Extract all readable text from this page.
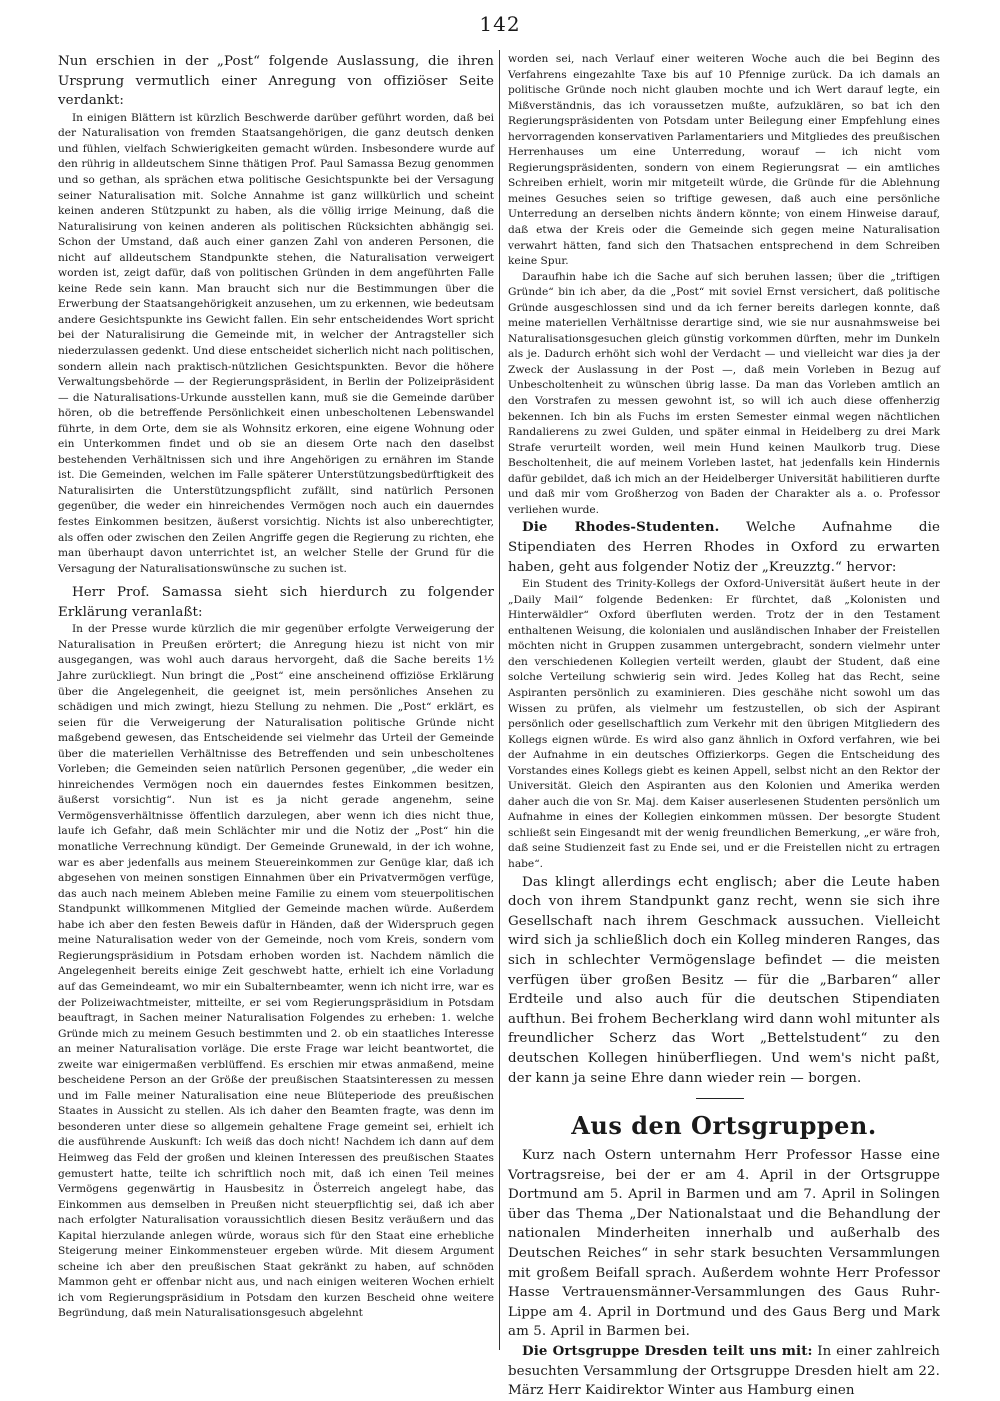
142

Nun erschien in der „Post“ folgende Auslassung, die ihren Ursprung vermutlich einer Anregung von offiziöser Seite verdankt:

In einigen Blättern ist kürzlich Beschwerde darüber geführt worden, daß bei der Naturalisation von fremden Staatsangehörigen, die ganz deutsch denken und fühlen, vielfach Schwierigkeiten gemacht würden. Insbesondere wurde auf den rührig in alldeutschem Sinne thätigen Prof. Paul Samassa Bezug genommen und so gethan, als sprächen etwa politische Gesichtspunkte bei der Versagung seiner Naturalisation mit. Solche Annahme ist ganz willkürlich und scheint keinen anderen Stützpunkt zu haben, als die völlig irrige Meinung, daß die Naturalisirung von keinen anderen als politischen Rücksichten abhängig sei. Schon der Umstand, daß auch einer ganzen Zahl von anderen Personen, die nicht auf alldeutschem Standpunkte stehen, die Naturalisation verweigert worden ist, zeigt dafür, daß von politischen Gründen in dem angeführten Falle keine Rede sein kann. Man braucht sich nur die Bestimmungen über die Erwerbung der Staatsangehörigkeit anzusehen, um zu erkennen, wie bedeutsam andere Gesichtspunkte ins Gewicht fallen. Ein sehr entscheidendes Wort spricht bei der Naturalisirung die Gemeinde mit, in welcher der Antragsteller sich niederzulassen gedenkt. Und diese entscheidet sicherlich nicht nach politischen, sondern allein nach praktisch-nützlichen Gesichtspunkten. Bevor die höhere Verwaltungsbehörde — der Regierungspräsident, in Berlin der Polizeipräsident — die Naturalisations-Urkunde ausstellen kann, muß sie die Gemeinde darüber hören, ob die betreffende Persönlichkeit einen unbescholtenen Lebenswandel führte, in dem Orte, dem sie als Wohnsitz erkoren, eine eigene Wohnung oder ein Unterkommen findet und ob sie an diesem Orte nach den daselbst bestehenden Verhältnissen sich und ihre Angehörigen zu ernähren im Stande ist. Die Gemeinden, welchen im Falle späterer Unterstützungsbedürftigkeit des Naturalisirten die Unterstützungspflicht zufällt, sind natürlich Personen gegenüber, die weder ein hinreichendes Vermögen noch auch ein dauerndes festes Einkommen besitzen, äußerst vorsichtig. Nichts ist also unberechtigter, als offen oder zwischen den Zeilen Angriffe gegen die Regierung zu richten, ehe man überhaupt davon unterrichtet ist, an welcher Stelle der Grund für die Versagung der Naturalisationswünsche zu suchen ist.

Herr Prof. Samassa sieht sich hierdurch zu folgender Erklärung veranlaßt:

In der Presse wurde kürzlich die mir gegenüber erfolgte Verweigerung der Naturalisation in Preußen erörtert; die Anregung hiezu ist nicht von mir ausgegangen, was wohl auch daraus hervorgeht, daß die Sache bereits 1½ Jahre zurückliegt. Nun bringt die „Post“ eine anscheinend offiziöse Erklärung über die Angelegenheit, die geeignet ist, mein persönliches Ansehen zu schädigen und mich zwingt, hiezu Stellung zu nehmen. Die „Post“ erklärt, es seien für die Verweigerung der Naturalisation politische Gründe nicht maßgebend gewesen, das Entscheidende sei vielmehr das Urteil der Gemeinde über die materiellen Verhältnisse des Betreffenden und sein unbescholtenes Vorleben; die Gemeinden seien natürlich Personen gegenüber, „die weder ein hinreichendes Vermögen noch ein dauerndes festes Einkommen besitzen, äußerst vorsichtig“. Nun ist es ja nicht gerade angenehm, seine Vermögensverhältnisse öffentlich darzulegen, aber wenn ich dies nicht thue, laufe ich Gefahr, daß mein Schlächter mir und die Notiz der „Post“ hin die monatliche Verrechnung kündigt. Der Gemeinde Grunewald, in der ich wohne, war es aber jedenfalls aus meinem Steuereinkommen zur Genüge klar, daß ich abgesehen von meinen sonstigen Einnahmen über ein Privatvermögen verfüge, das auch nach meinem Ableben meine Familie zu einem vom steuerpolitischen Standpunkt willkommenen Mitglied der Gemeinde machen würde. Außerdem habe ich aber den festen Beweis dafür in Händen, daß der Widerspruch gegen meine Naturalisation weder von der Gemeinde, noch vom Kreis, sondern vom Regierungspräsidium in Potsdam erhoben worden ist. Nachdem nämlich die Angelegenheit bereits einige Zeit geschwebt hatte, erhielt ich eine Vorladung auf das Gemeindeamt, wo mir ein Subalternbeamter, wenn ich nicht irre, war es der Polizeiwachtmeister, mitteilte, er sei vom Regierungspräsidium in Potsdam beauftragt, in Sachen meiner Naturalisation Folgendes zu erheben: 1. welche Gründe mich zu meinem Gesuch bestimmten und 2. ob ein staatliches Interesse an meiner Naturalisation vorläge. Die erste Frage war leicht beantwortet, die zweite war einigermaßen verblüffend. Es erschien mir etwas anmaßend, meine bescheidene Person an der Größe der preußischen Staatsinteressen zu messen und im Falle meiner Naturalisation eine neue Blüteperiode des preußischen Staates in Aussicht zu stellen. Als ich daher den Beamten fragte, was denn im besonderen unter diese so allgemein gehaltene Frage gemeint sei, erhielt ich die ausführende Auskunft: Ich weiß das doch nicht! Nachdem ich dann auf dem Heimweg das Feld der großen und kleinen Interessen des preußischen Staates gemustert hatte, teilte ich schriftlich noch mit, daß ich einen Teil meines Vermögens gegenwärtig in Hausbesitz in Österreich angelegt habe, das Einkommen aus demselben in Preußen nicht steuerpflichtig sei, daß ich aber nach erfolgter Naturalisation voraussichtlich diesen Besitz veräußern und das Kapital hierzulande anlegen würde, woraus sich für den Staat eine erhebliche Steigerung meiner Einkommensteuer ergeben würde. Mit diesem Argument scheine ich aber den preußischen Staat gekränkt zu haben, auf schnöden Mammon geht er offenbar nicht aus, und nach einigen weiteren Wochen erhielt ich vom Regierungspräsidium in Potsdam den kurzen Bescheid ohne weitere Begründung, daß mein Naturalisationsgesuch abgelehnt

worden sei, nach Verlauf einer weiteren Woche auch die bei Beginn des Verfahrens eingezahlte Taxe bis auf 10 Pfennige zurück. Da ich damals an politische Gründe noch nicht glauben mochte und ich Wert darauf legte, ein Mißverständnis, das ich voraussetzen mußte, aufzuklären, so bat ich den Regierungspräsidenten von Potsdam unter Beilegung einer Empfehlung eines hervorragenden konservativen Parlamentariers und Mitgliedes des preußischen Herrenhauses um eine Unterredung, worauf — ich nicht vom Regierungspräsidenten, sondern von einem Regierungsrat — ein amtliches Schreiben erhielt, worin mir mitgeteilt würde, die Gründe für die Ablehnung meines Gesuches seien so triftige gewesen, daß auch eine persönliche Unterredung an derselben nichts ändern könnte; von einem Hinweise darauf, daß etwa der Kreis oder die Gemeinde sich gegen meine Naturalisation verwahrt hätten, fand sich den Thatsachen entsprechend in dem Schreiben keine Spur.

Daraufhin habe ich die Sache auf sich beruhen lassen; über die „triftigen Gründe“ bin ich aber, da die „Post“ mit soviel Ernst versichert, daß politische Gründe ausgeschlossen sind und da ich ferner bereits darlegen konnte, daß meine materiellen Verhältnisse derartige sind, wie sie nur ausnahmsweise bei Naturalisationsgesuchen gleich günstig vorkommen dürften, mehr im Dunkeln als je. Dadurch erhöht sich wohl der Verdacht — und vielleicht war dies ja der Zweck der Auslassung in der Post —, daß mein Vorleben in Bezug auf Unbescholtenheit zu wünschen übrig lasse. Da man das Vorleben amtlich an den Vorstrafen zu messen gewohnt ist, so will ich auch diese offenherzig bekennen. Ich bin als Fuchs im ersten Semester einmal wegen nächtlichen Randalierens zu zwei Gulden, und später einmal in Heidelberg zu drei Mark Strafe verurteilt worden, weil mein Hund keinen Maulkorb trug. Diese Bescholtenheit, die auf meinem Vorleben lastet, hat jedenfalls kein Hindernis dafür gebildet, daß ich mich an der Heidelberger Universität habilitieren durfte und daß mir vom Großherzog von Baden der Charakter als a. o. Professor verliehen wurde.

Die Rhodes-Studenten. Welche Aufnahme die Stipendiaten des Herren Rhodes in Oxford zu erwarten haben, geht aus folgender Notiz der „Kreuzztg.“ hervor:

Ein Student des Trinity-Kollegs der Oxford-Universität äußert heute in der „Daily Mail“ folgende Bedenken: Er fürchtet, daß „Kolonisten und Hinterwäldler“ Oxford überfluten werden. Trotz der in den Testament enthaltenen Weisung, die kolonialen und ausländischen Inhaber der Freistellen möchten nicht in Gruppen zusammen untergebracht, sondern vielmehr unter den verschiedenen Kollegien verteilt werden, glaubt der Student, daß eine solche Verteilung schwierig sein wird. Jedes Kolleg hat das Recht, seine Aspiranten persönlich zu examinieren. Dies geschähe nicht sowohl um das Wissen zu prüfen, als vielmehr um festzustellen, ob sich der Aspirant persönlich oder gesellschaftlich zum Verkehr mit den übrigen Mitgliedern des Kollegs eignen würde. Es wird also ganz ähnlich in Oxford verfahren, wie bei der Aufnahme in ein deutsches Offizierkorps. Gegen die Entscheidung des Vorstandes eines Kollegs giebt es keinen Appell, selbst nicht an den Rektor der Universität. Gleich den Aspiranten aus den Kolonien und Amerika werden daher auch die von Sr. Maj. dem Kaiser auserlesenen Studenten persönlich um Aufnahme in eines der Kollegien einkommen müssen. Der besorgte Student schließt sein Eingesandt mit der wenig freundlichen Bemerkung, „er wäre froh, daß seine Studienzeit fast zu Ende sei, und er die Freistellen nicht zu ertragen habe“.

Das klingt allerdings echt englisch; aber die Leute haben doch von ihrem Standpunkt ganz recht, wenn sie sich ihre Gesellschaft nach ihrem Geschmack aussuchen. Vielleicht wird sich ja schließlich doch ein Kolleg minderen Ranges, das sich in schlechter Vermögenslage befindet — die meisten verfügen über großen Besitz — für die „Barbaren“ aller Erdteile und also auch für die deutschen Stipendiaten aufthun. Bei frohem Becherklang wird dann wohl mitunter als freundlicher Scherz das Wort „Bettelstudent“ zu den deutschen Kollegen hinüberfliegen. Und wem's nicht paßt, der kann ja seine Ehre dann wieder rein — borgen.

Aus den Ortsgruppen.

Kurz nach Ostern unternahm Herr Professor Hasse eine Vortragsreise, bei der er am 4. April in der Ortsgruppe Dortmund am 5. April in Barmen und am 7. April in Solingen über das Thema „Der Nationalstaat und die Behandlung der nationalen Minderheiten innerhalb und außerhalb des Deutschen Reiches“ in sehr stark besuchten Versammlungen mit großem Beifall sprach. Außerdem wohnte Herr Professor Hasse Vertrauensmänner-Versammlungen des Gaus Ruhr-Lippe am 4. April in Dortmund und des Gaus Berg und Mark am 5. April in Barmen bei.

Die Ortsgruppe Dresden teilt uns mit: In einer zahlreich besuchten Versammlung der Ortsgruppe Dresden hielt am 22. März Herr Kaidirektor Winter aus Hamburg einen
